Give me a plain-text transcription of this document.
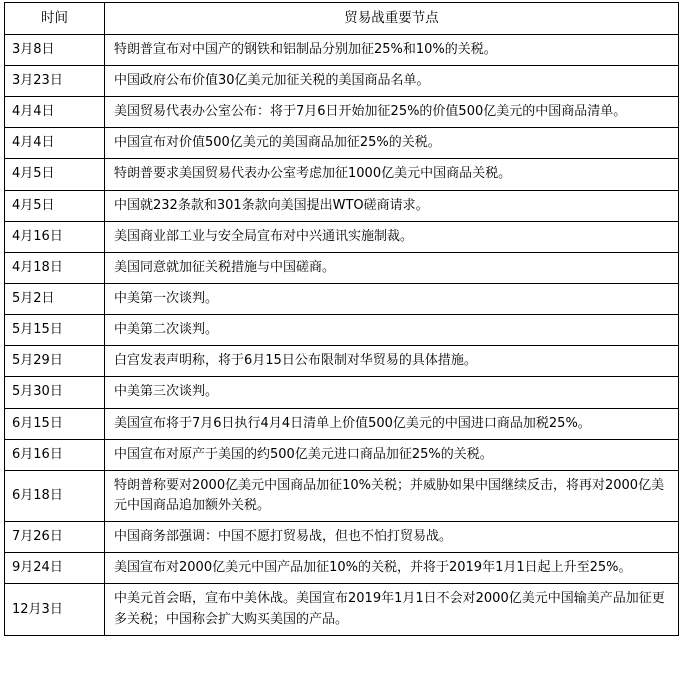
时间	贸易战重要节点
3月8日	特朗普宣布对中国产的钢铁和铝制品分别加征25%和10%的关税。
3月23日	中国政府公布价值30亿美元加征关税的美国商品名单。
4月4日	美国贸易代表办公室公布：将于7月6日开始加征25%的价值500亿美元的中国商品清单。
4月4日	中国宣布对价值500亿美元的美国商品加征25%的关税。
4月5日	特朗普要求美国贸易代表办公室考虑加征1000亿美元中国商品关税。
4月5日	中国就232条款和301条款向美国提出WTO磋商请求。
4月16日	美国商业部工业与安全局宣布对中兴通讯实施制裁。
4月18日	美国同意就加征关税措施与中国磋商。
5月2日	中美第一次谈判。
5月15日	中美第二次谈判。
5月29日	白宫发表声明称，将于6月15日公布限制对华贸易的具体措施。
5月30日	中美第三次谈判。
6月15日	美国宣布将于7月6日执行4月4日清单上价值500亿美元的中国进口商品加税25%。
6月16日	中国宣布对原产于美国的约500亿美元进口商品加征25%的关税。
6月18日	特朗普称要对2000亿美元中国商品加征10%关税；并威胁如果中国继续反击，将再对2000亿美元中国商品追加额外关税。
7月26日	中国商务部强调：中国不愿打贸易战，但也不怕打贸易战。
9月24日	美国宣布对2000亿美元中国产品加征10%的关税，并将于2019年1月1日起上升至25%。
12月3日	中美元首会晤，宣布中美休战。美国宣布2019年1月1日不会对2000亿美元中国输美产品加征更多关税；中国称会扩大购买美国的产品。
